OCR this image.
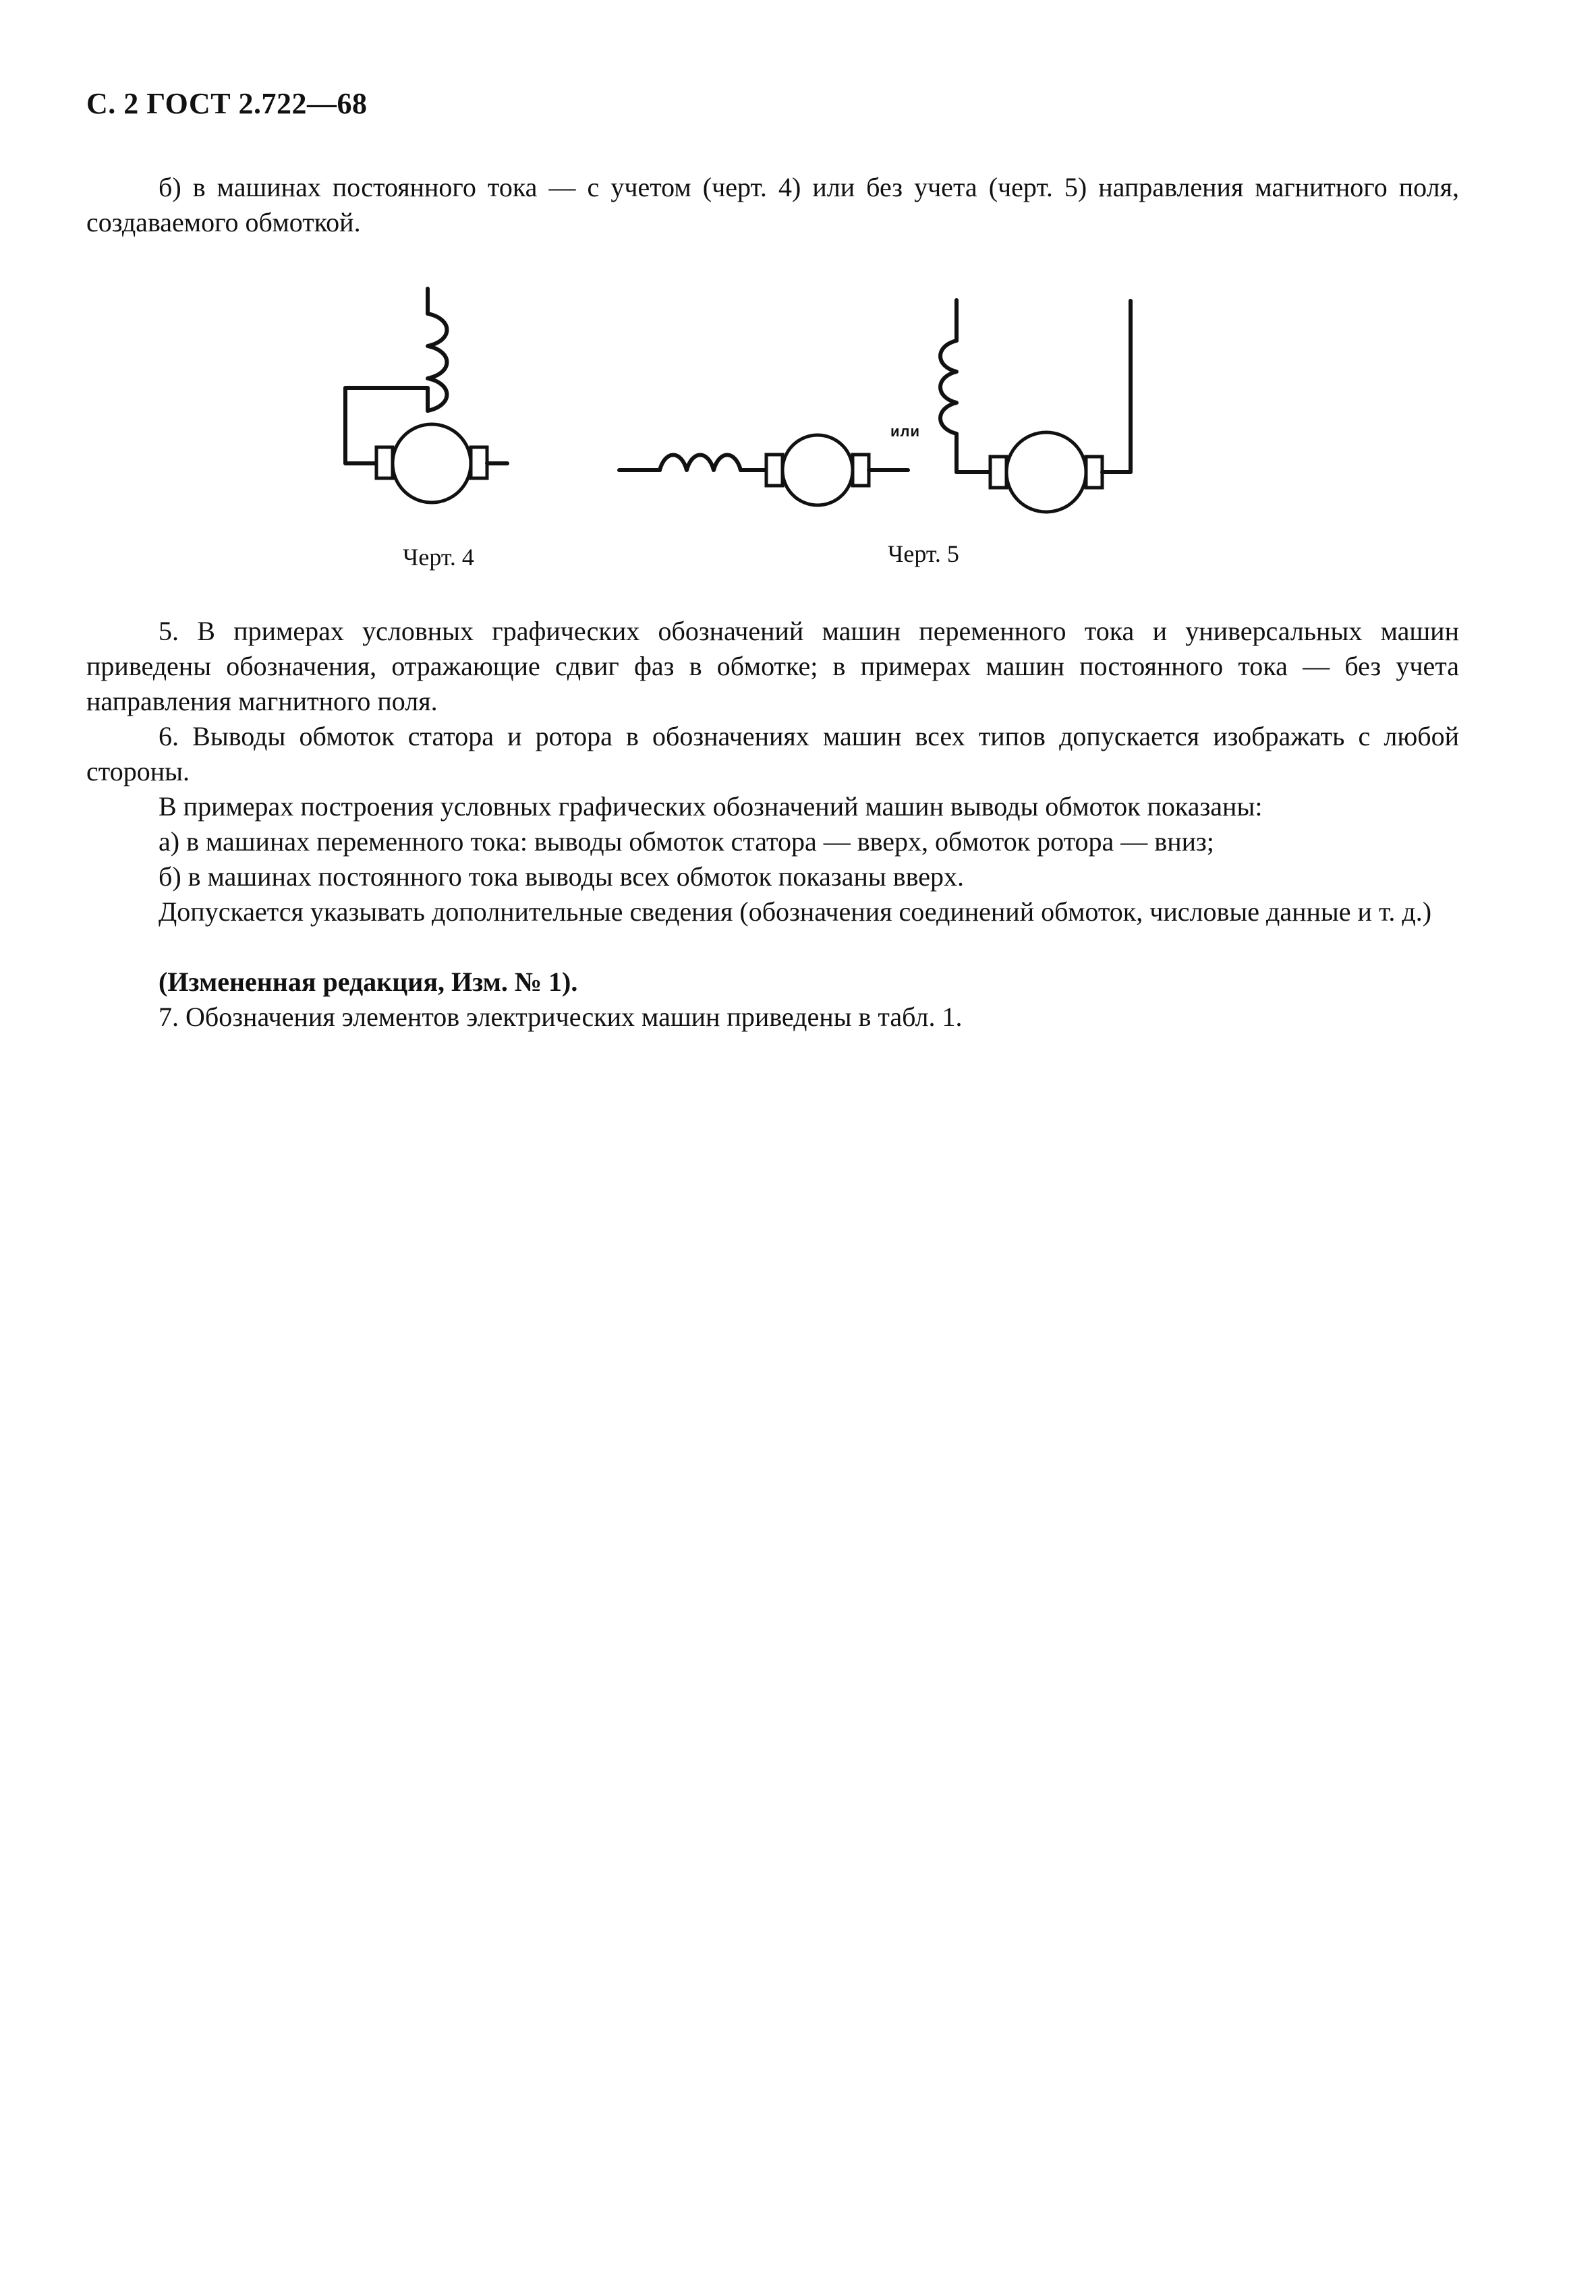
С. 2 ГОСТ 2.722—68

б) в машинах постоянного тока — с учетом (черт. 4) или без учета (черт. 5) направления магнитного поля, создаваемого обмоткой.

или
Черт. 4	Черт. 5

5. В примерах условных графических обозначений машин переменного тока и универсальных машин приведены обозначения, отражающие сдвиг фаз в обмотке; в примерах машин постоянного тока — без учета направления магнитного поля.

6. Выводы обмоток статора и ротора в обозначениях машин всех типов допускается изображать с любой стороны.

В примерах построения условных графических обозначений машин выводы обмоток показаны:

а) в машинах переменного тока: выводы обмоток статора — вверх, обмоток ротора — вниз;

б) в машинах постоянного тока выводы всех обмоток показаны вверх.

Допускается указывать дополнительные сведения (обозначения соединений обмоток, числовые данные и т. д.)

(Измененная редакция, Изм. № 1).

7. Обозначения элементов электрических машин приведены в табл. 1.
